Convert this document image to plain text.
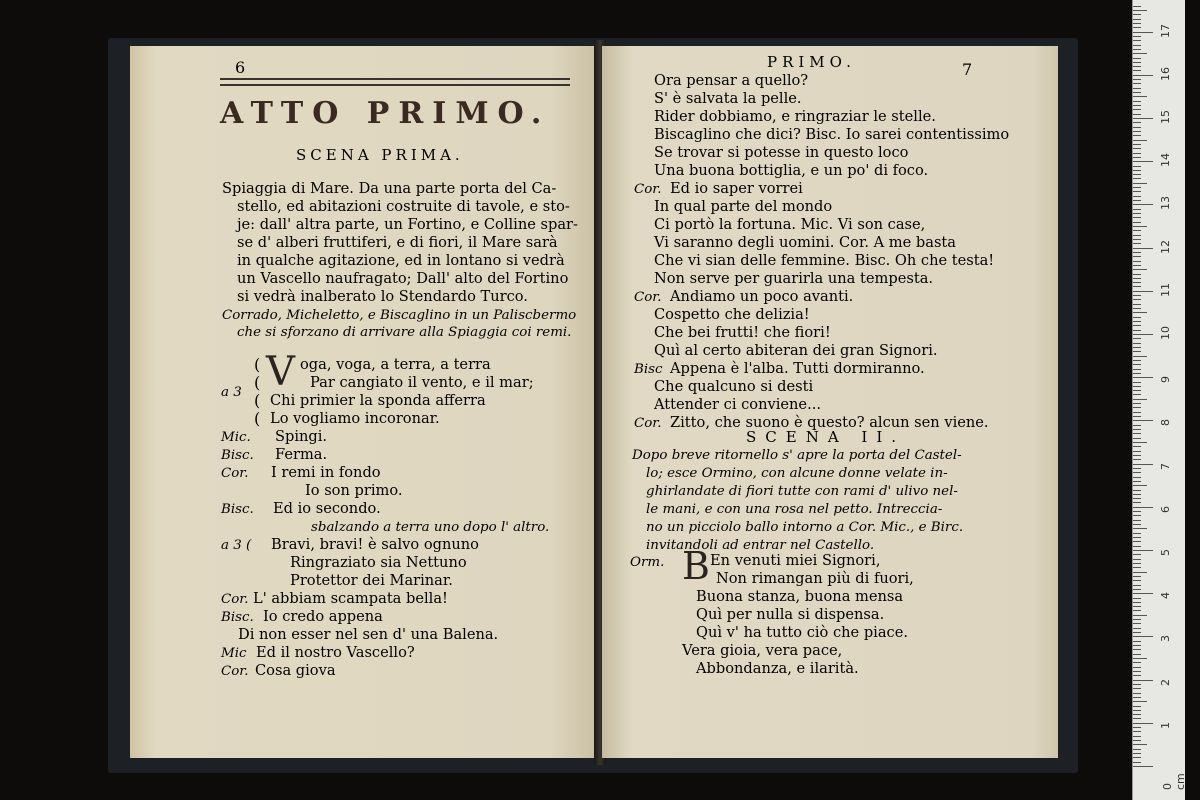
6
ATTO PRIMO.
SCENA PRIMA.
Spiaggia di Mare. Da una parte porta del Ca-
stello, ed abitazioni costruite di tavole, e sto-
je: dall' altra parte, un Fortino, e Colline spar-
se d' alberi fruttiferi, e di fiori, il Mare sarà
in qualche agitazione, ed in lontano si vedrà
un Vascello naufragato; Dall' alto del Fortino
si vedrà inalberato lo Stendardo Turco.
Corrado, Micheletto, e Biscaglino in un Paliscbermo
che si sforzano di arrivare alla Spiaggia coi remi.
(
(
(
(
a 3 V oga, voga, a terra, a terra
Par cangiato il vento, e il mar;
Chi primier la sponda afferra
Lo vogliamo incoronar.
Mic. Spingi.
Bisc. Ferma.
Cor. I remi in fondo
Io son primo.
Bisc. Ed io secondo.
sbalzando a terra uno dopo l' altro.
a 3 ( Bravi, bravi! è salvo ognuno
Ringraziato sia Nettuno
Protettor dei Marinar.
Cor. L' abbiam scampata bella!
Bisc. Io credo appena
Di non esser nel sen d' una Balena.
Mic Ed il nostro Vascello?
Cor. Cosa giova
PRIMO.	7
Ora pensar a quello?
S' è salvata la pelle.
Rider dobbiamo, e ringraziar le stelle.
Biscaglino che dici? Bisc. Io sarei contentissimo
Se trovar si potesse in questo loco
Una buona bottiglia, e un po' di foco.
Cor. Ed io saper vorrei
In qual parte del mondo
Ci portò la fortuna. Mic. Vi son case,
Vi saranno degli uomini. Cor. A me basta
Che vi sian delle femmine. Bisc. Oh che testa!
Non serve per guarirla una tempesta.
Cor. Andiamo un poco avanti.
Cospetto che delizia!
Che bei frutti! che fiori!
Quì al certo abiteran dei gran Signori.
Bisc Appena è l'alba. Tutti dormiranno.
Che qualcuno si desti
Attender ci conviene...
Cor. Zitto, che suono è questo? alcun sen viene.
SCENA II.
Dopo breve ritornello s' apre la porta del Castel-
lo; esce Ormino, con alcune donne velate in-
ghirlandate di fiori tutte con rami d' ulivo nel-
le mani, e con una rosa nel petto. Intreccia-
no un picciolo ballo intorno a Cor. Mic., e Birc.
invitandoli ad entrar nel Castello.
Orm. B En venuti miei Signori,
Non rimangan più di fuori,
Buona stanza, buona mensa
Quì per nulla si dispensa.
Quì v' ha tutto ciò che piace.
Vera gioia, vera pace,
Abbondanza, e ilarità.
0 cm
1
2
3
4
5
6
7
8
9
10
11
12
13
14
15
16
17
